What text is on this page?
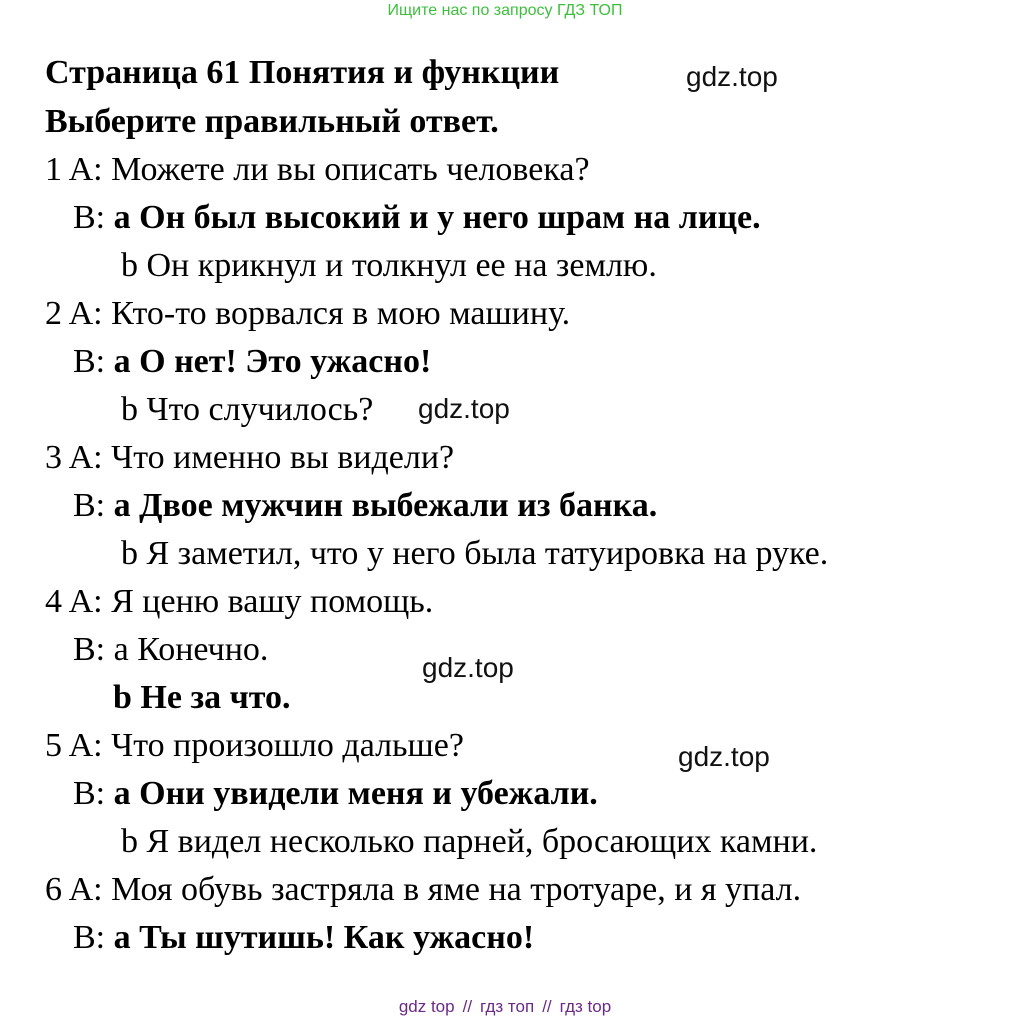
Ищите нас по запросу ГДЗ ТОП
Страница 61 Понятия и функции	gdz.top
Выберите правильный ответ.
1 A: Можете ли вы описать человека?
B: a Он был высокий и у него шрам на лице.
b Он крикнул и толкнул ее на землю.
2 A: Кто-то ворвался в мою машину.
B: a О нет! Это ужасно!
b Что случилось? gdz.top
3 A: Что именно вы видели?
B: a Двое мужчин выбежали из банка.
b Я заметил, что у него была татуировка на руке.
4 A: Я ценю вашу помощь.
B: a Конечно.	gdz.top
b Не за что.
5 A: Что произошло дальше?	gdz.top
B: a Они увидели меня и убежали.
b Я видел несколько парней, бросающих камни.
6 A: Моя обувь застряла в яме на тротуаре, и я упал.
B: a Ты шутишь! Как ужасно!
gdz top // гдз топ // гдз top
